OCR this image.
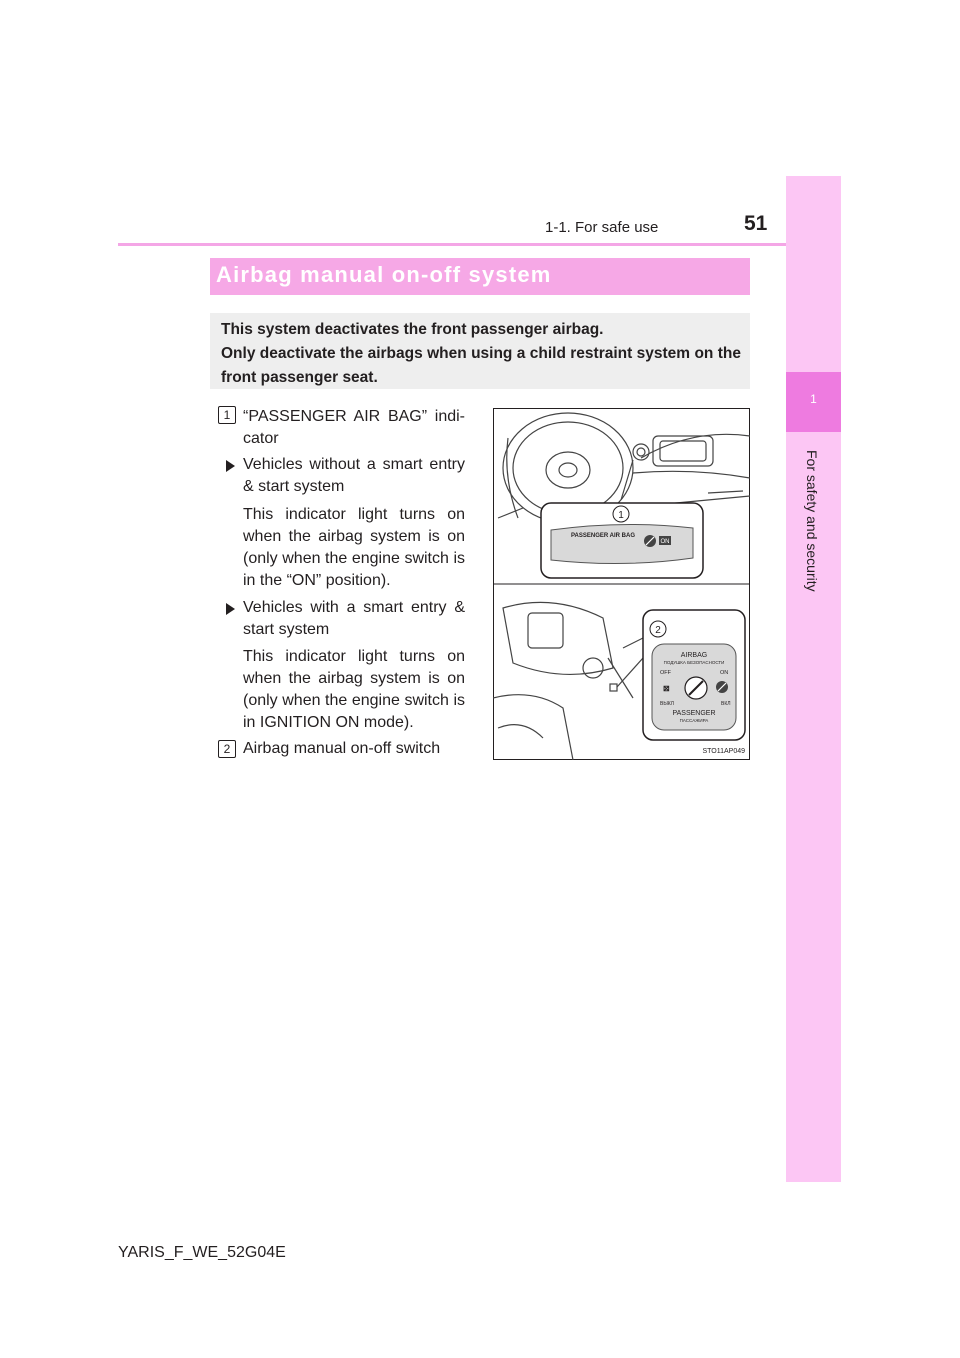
1-1. For safe use	51
1
Airbag manual on-off system
This system deactivates the front passenger airbag.
Only deactivate the airbags when using a child restraint system on the front passenger seat.
1 “PASSENGER AIR BAG” indi-
cator
Vehicles without a smart entry & start system
This indicator light turns on when the airbag system is on (only when the engine switch is in the “ON” position).
Vehicles with a smart entry & start system
This indicator light turns on when the airbag system is on (only when the engine switch is in IGNITION ON mode).
2 Airbag manual on-off switch
1
PASSENGER AIR BAG
ON
2
AIRBAG
ПОДУШКА БЕЗОПАСНОСТИ
OFF	ON
⊠
ВЫКЛ	ВКЛ
PASSENGER
ПАССАЖИРА
STO11AP049
YARIS_F_WE_52G04E
